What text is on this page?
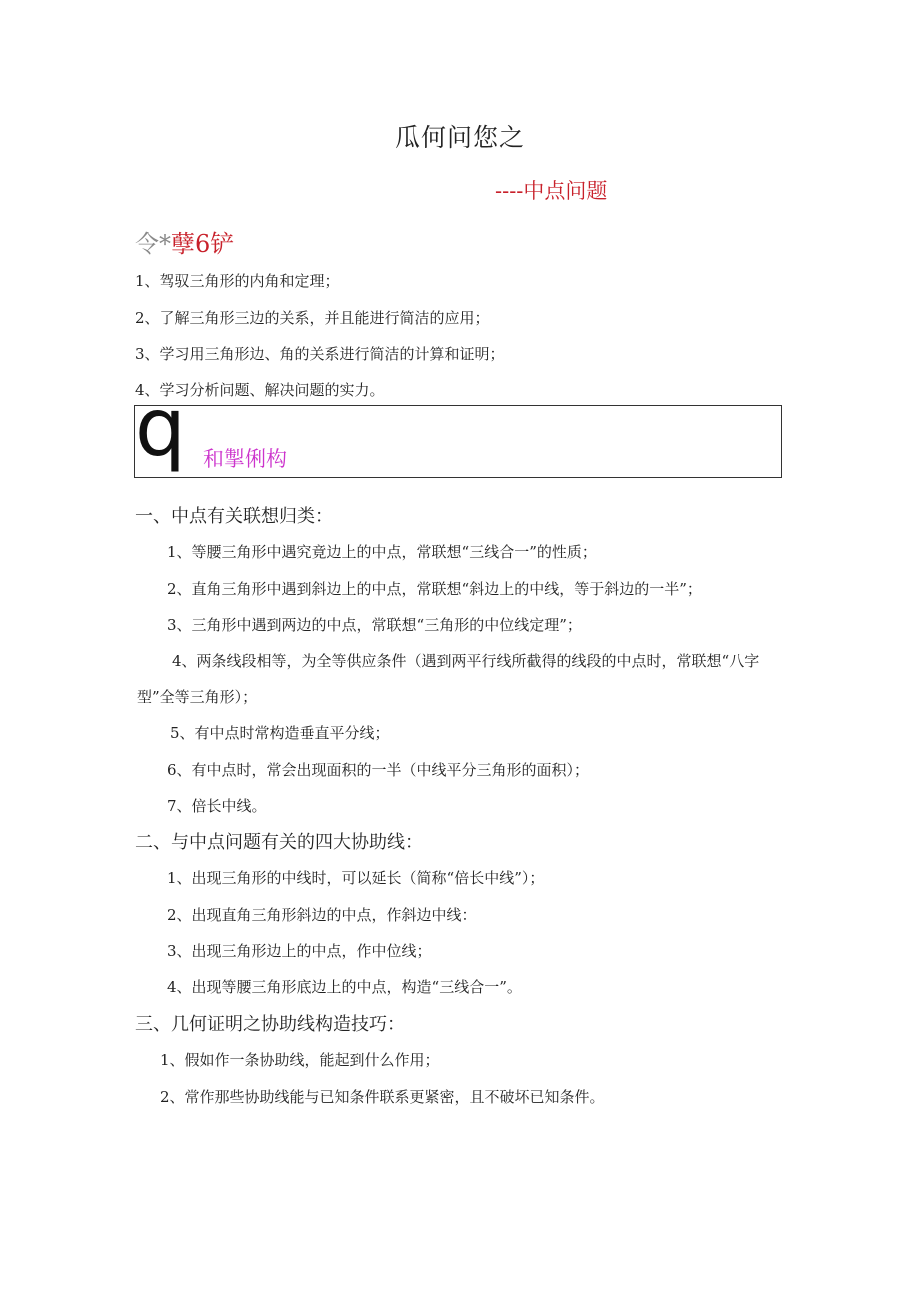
瓜何问您之
----中点问题
令*孽6铲
1、驾驭三角形的内角和定理；
2、了解三角形三边的关系，并且能进行简洁的应用；
3、学习用三角形边、角的关系进行简洁的计算和证明；
4、学习分析问题、解决问题的实力。
q 和掣俐构
一、中点有关联想归类：
1、等腰三角形中遇究竟边上的中点，常联想“三线合一”的性质；
2、直角三角形中遇到斜边上的中点，常联想“斜边上的中线，等于斜边的一半”；
3、三角形中遇到两边的中点，常联想“三角形的中位线定理”；
4、两条线段相等，为全等供应条件（遇到两平行线所截得的线段的中点时，常联想“八字
型”全等三角形）；
5、有中点时常构造垂直平分线；
6、有中点时，常会出现面积的一半（中线平分三角形的面积）；
7、倍长中线。
二、与中点问题有关的四大协助线：
1、出现三角形的中线时，可以延长（简称“倍长中线”）；
2、出现直角三角形斜边的中点，作斜边中线：
3、出现三角形边上的中点，作中位线；
4、出现等腰三角形底边上的中点，构造“三线合一”。
三、几何证明之协助线构造技巧：
1、假如作一条协助线，能起到什么作用；
2、常作那些协助线能与已知条件联系更紧密，且不破坏已知条件。
